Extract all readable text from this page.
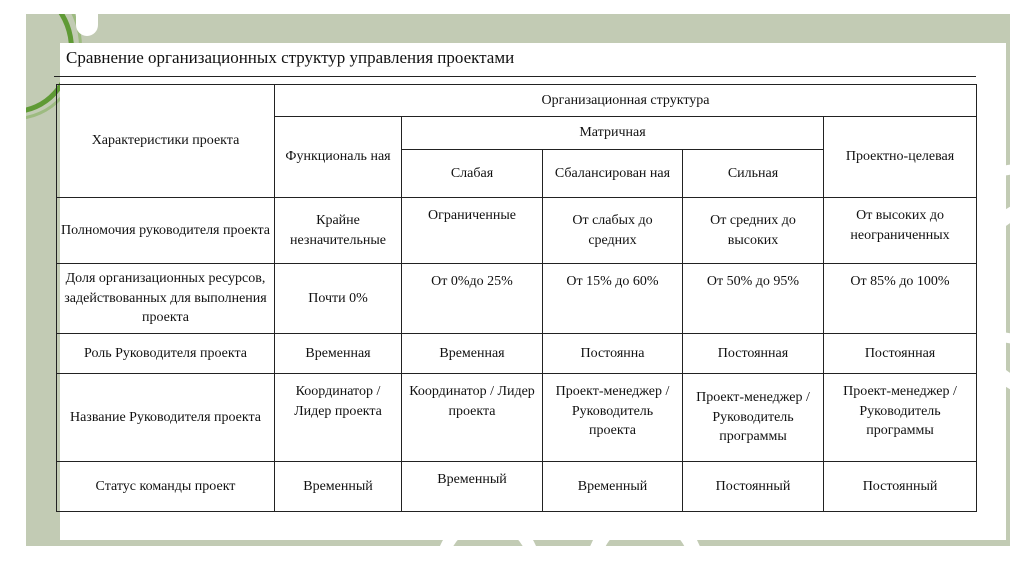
Сравнение организационных структур управления проектами
Характеристики проекта	Организационная структура				
	Функциональ ная	Матричная			Проектно-целевая
		Слабая	Сбалансирован ная	Сильная	
Полномочия руководителя проекта	Крайне незначительные	Ограниченные	От слабых до средних	От средних до высоких	От высоких до неограниченных
Доля организационных ресурсов, задействованных для выполнения проекта	Почти 0%	От 0%до 25%	От 15% до 60%	От 50% до 95%	От 85% до 100%
Роль Руководителя проекта	Временная	Временная	Постоянна	Постоянная	Постоянная
Название Руководителя проекта	Координатор / Лидер проекта	Координатор / Лидер проекта	Проект-менеджер / Руководитель проекта	Проект-менеджер / Руководитель программы	Проект-менеджер / Руководитель программы
Статус команды проект	Временный	Временный	Временный	Постоянный	Постоянный
